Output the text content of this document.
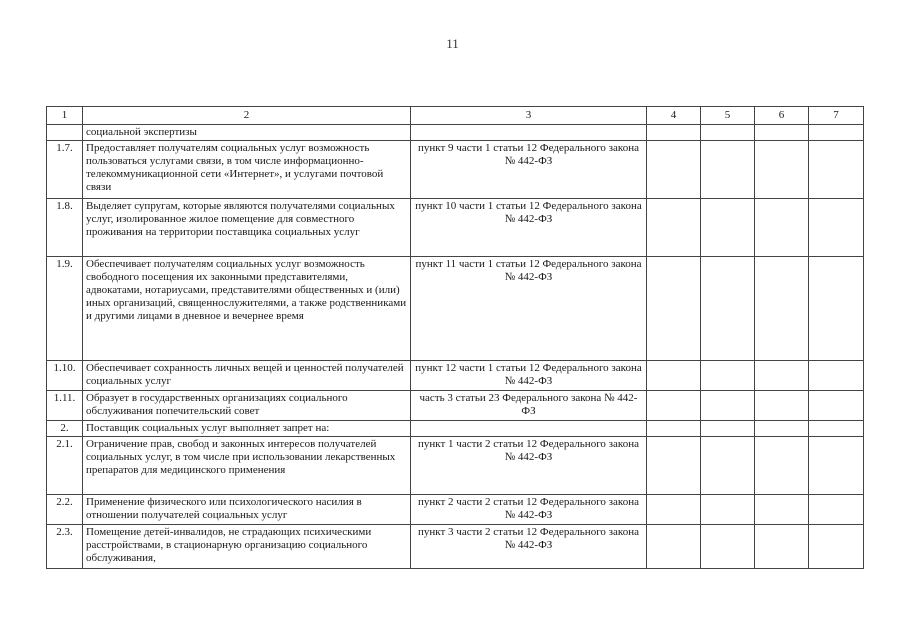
11
1	2	3	4	5	6	7
	социальной экспертизы					
1.7.	Предоставляет получателям социальных услуг возможность пользоваться услугами связи, в том числе информационно-телекоммуникационной сети «Интернет», и услугами почтовой связи	пункт 9 части 1 статьи 12 Федерального закона № 442-ФЗ				
1.8.	Выделяет супругам, которые являются получателями социальных услуг, изолированное жилое помещение для совместного проживания на территории поставщика социальных услуг	пункт 10 части 1 статьи 12 Федерального закона № 442-ФЗ				
1.9.	Обеспечивает получателям социальных услуг возможность свободного посещения их законными представителями, адвокатами, нотариусами, представителями общественных и (или) иных организаций, священнослужителями, а также родственниками и другими лицами в дневное и вечернее время	пункт 11 части 1 статьи 12 Федерального закона № 442-ФЗ				
1.10.	Обеспечивает сохранность личных вещей и ценностей получателей социальных услуг	пункт 12 части 1 статьи 12 Федерального закона № 442-ФЗ				
1.11.	Образует в государственных организациях социального обслуживания попечительский совет	часть 3 статьи 23 Федерального закона № 442-ФЗ				
2.	Поставщик социальных услуг выполняет запрет на:					
2.1.	Ограничение прав, свобод и законных интересов получателей социальных услуг, в том числе при использовании лекарственных препаратов для медицинского применения	пункт 1 части 2 статьи 12 Федерального закона № 442-ФЗ				
2.2.	Применение физического или психологического насилия в отношении получателей социальных услуг	пункт 2 части 2 статьи 12 Федерального закона № 442-ФЗ				
2.3.	Помещение детей-инвалидов, не страдающих психическими расстройствами, в стационарную организацию социального обслуживания,	пункт 3 части 2 статьи 12 Федерального закона № 442-ФЗ				
